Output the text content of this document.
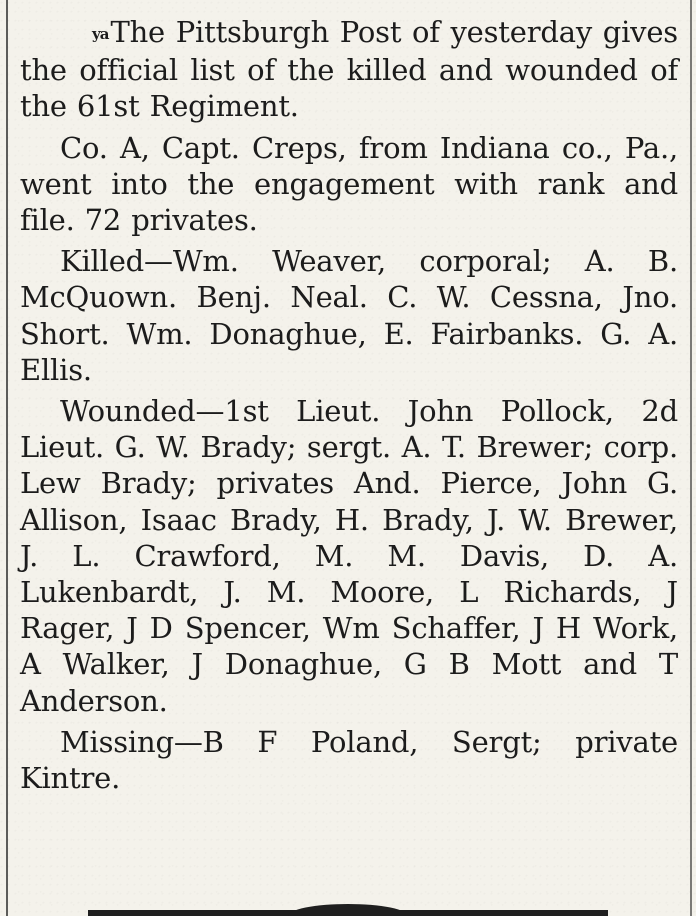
yaThe Pittsburgh Post of yesterday gives the official list of the killed and wounded of the 61st Regiment.

Co. A, Capt. Creps, from Indiana co., Pa., went into the engagement with rank and file. 72 privates.

Killed—Wm. Weaver, corporal; A. B. McQuown. Benj. Neal. C. W. Cessna, Jno. Short. Wm. Donaghue, E. Fairbanks. G. A. Ellis.

Wounded—1st Lieut. John Pollock, 2d Lieut. G. W. Brady; sergt. A. T. Brewer; corp. Lew Brady; privates And. Pierce, John G. Allison, Isaac Brady, H. Brady, J. W. Brewer, J. L. Crawford, M. M. Davis, D. A. Lukenbardt, J. M. Moore, L Richards, J Rager, J D Spencer, Wm Schaffer, J H Work, A Walker, J Donaghue, G B Mott and T Anderson.

Missing—B F Poland, Sergt; private Kintre.
